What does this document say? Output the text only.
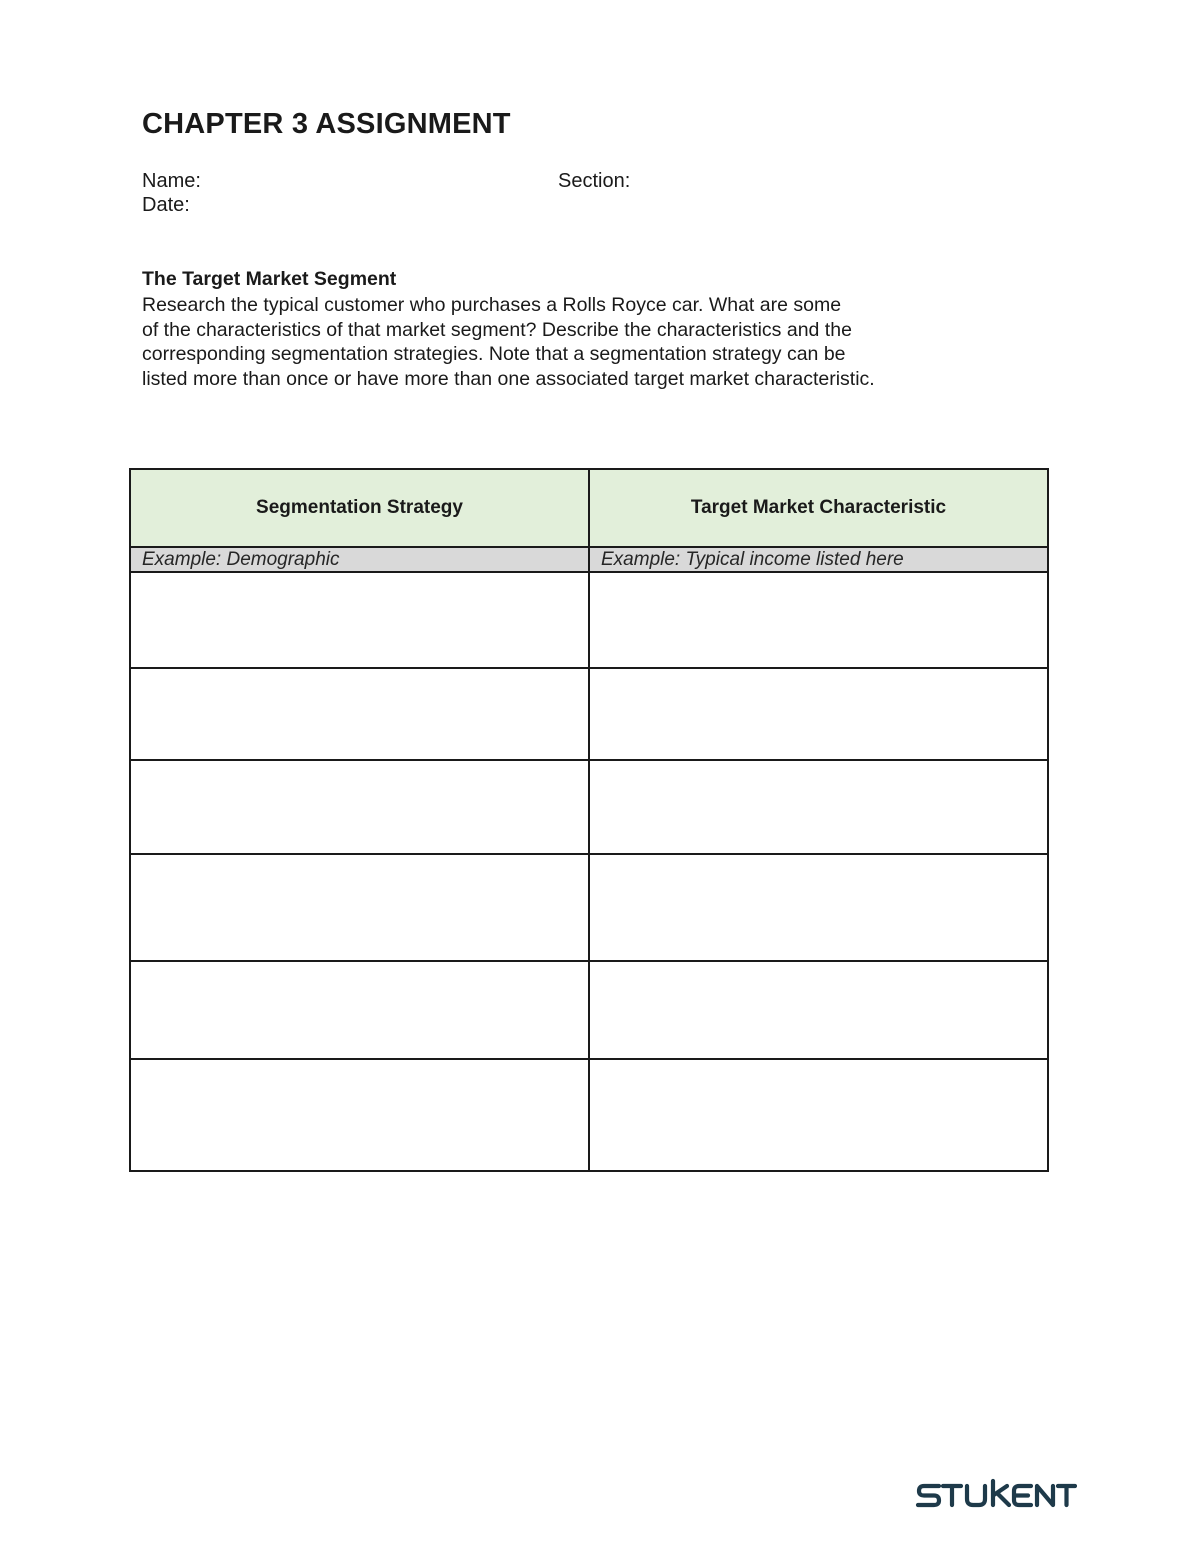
CHAPTER 3 ASSIGNMENT
Name:	Section:
Date:
The Target Market Segment
Research the typical customer who purchases a Rolls Royce car. What are some
of the characteristics of that market segment? Describe the characteristics and the
corresponding segmentation strategies. Note that a segmentation strategy can be
listed more than once or have more than one associated target market characteristic.
Segmentation Strategy	Target Market Characteristic
Example: Demographic	Example: Typical income listed here
